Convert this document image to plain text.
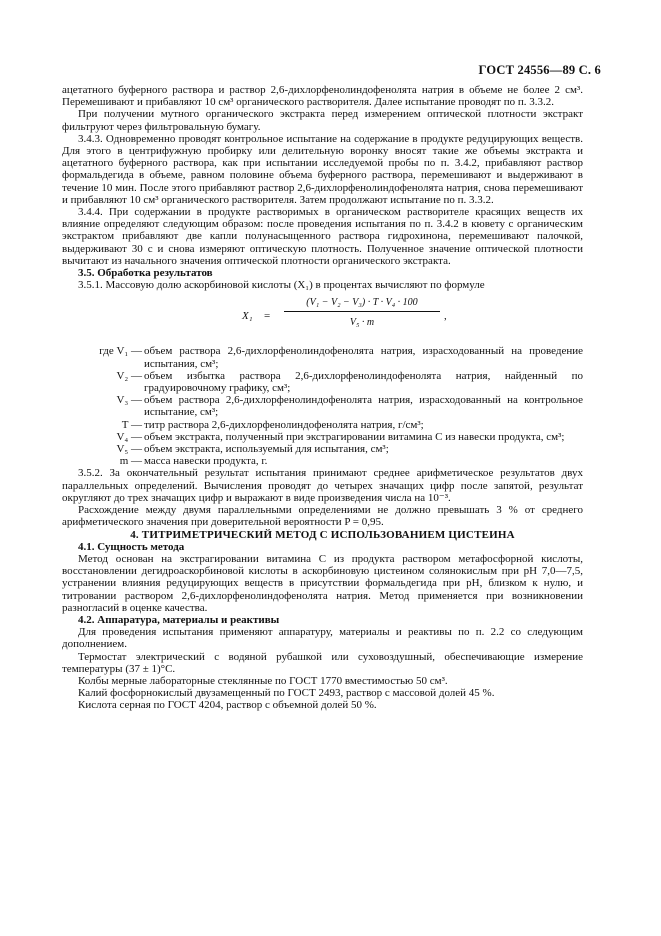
ГОСТ 24556—89 С. 6

ацетатного буферного раствора и раствор 2,6-дихлорфенолиндофенолята натрия в объеме не более 2 см³. Перемешивают и прибавляют 10 см³ органического растворителя. Далее испытание проводят по п. 3.3.2.

При получении мутного органического экстракта перед измерением оптической плотности экстракт фильтруют через фильтровальную бумагу.

3.4.3. Одновременно проводят контрольное испытание на содержание в продукте редуцирующих веществ. Для этого в центрифужную пробирку или делительную воронку вносят такие же объемы экстракта и ацетатного буферного раствора, как при испытании исследуемой пробы по п. 3.4.2, прибавляют раствор формальдегида в объеме, равном половине объема буферного раствора, перемешивают и выдерживают в течение 10 мин. После этого прибавляют раствор 2,6-дихлорфенолиндофенолята натрия, снова перемешивают и прибавляют 10 см³ органического растворителя. Затем продолжают испытание по п. 3.3.2.

3.4.4. При содержании в продукте растворимых в органическом растворителе красящих веществ их влияние определяют следующим образом: после проведения испытания по п. 3.4.2 в кювету с органическим экстрактом прибавляют две капли полунасыщенного раствора гидрохинона, перемешивают палочкой, выдерживают 30 с и снова измеряют оптическую плотность. Полученное значение оптической плотности вычитают из начального значения оптической плотности органического экстракта.

3.5. Обработка результатов

3.5.1. Массовую долю аскорбиновой кислоты (X₁) в процентах вычисляют по формуле

X₁ =
(V₁ − V₂ − V₃) · T · V₄ · 100
V₅ · m
,
где V₁ — объем раствора 2,6-дихлорфенолиндофенолята натрия, израсходованный на проведение испытания, см³;
V₂ — объем избытка раствора 2,6-дихлорфенолиндофенолята натрия, найденный по градуировочному графику, см³;
V₃ — объем раствора 2,6-дихлорфенолиндофенолята натрия, израсходованный на контрольное испытание, см³;
T — титр раствора 2,6-дихлорфенолиндофенолята натрия, г/см³;
V₄ — объем экстракта, полученный при экстрагировании витамина С из навески продукта, см³;
V₅ — объем экстракта, используемый для испытания, см³;
m — масса навески продукта, г.

3.5.2. За окончательный результат испытания принимают среднее арифметическое результатов двух параллельных определений. Вычисления проводят до четырех значащих цифр после запятой, результат округляют до трех значащих цифр и выражают в виде произведения числа на 10⁻³.

Расхождение между двумя параллельными определениями не должно превышать 3 % от среднего арифметического значения при доверительной вероятности P = 0,95.

4. ТИТРИМЕТРИЧЕСКИЙ МЕТОД С ИСПОЛЬЗОВАНИЕМ ЦИСТЕИНА

4.1. Сущность метода

Метод основан на экстрагировании витамина С из продукта раствором метафосфорной кислоты, восстановлении дегидроаскорбиновой кислоты в аскорбиновую цистеином солянокислым при pH 7,0—7,5, устранении влияния редуцирующих веществ в присутствии формальдегида при pH, близком к нулю, и титровании раствором 2,6-дихлорфенолиндофенолята натрия. Метод применяется при возникновении разногласий в оценке качества.

4.2. Аппаратура, материалы и реактивы

Для проведения испытания применяют аппаратуру, материалы и реактивы по п. 2.2 со следующим дополнением.

Термостат электрический с водяной рубашкой или суховоздушный, обеспечивающие измерение температуры (37 ± 1)°С.

Колбы мерные лабораторные стеклянные по ГОСТ 1770 вместимостью 50 см³.

Калий фосфорнокислый двузамещенный по ГОСТ 2493, раствор с массовой долей 45 %.

Кислота серная по ГОСТ 4204, раствор с объемной долей 50 %.
